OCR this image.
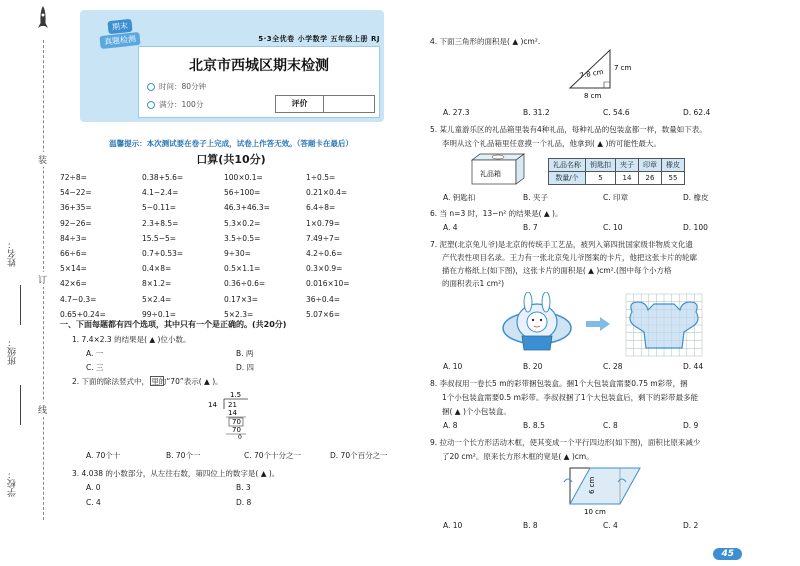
装
订
线
姓名：
班级：
学校：
期末
真题检测	5·3全优卷 小学数学 五年级上册 RJ
北京市西城区期末检测
时间：80分钟
满分：100分	评价
温馨提示：本次测试要在卷子上完成，试卷上作答无效。（答题卡在最后）
口算(共10分)
72÷8=	0.38+5.6=	100×0.1=	1÷0.5=
54−22=	4.1−2.4=	56÷100=	0.21×0.4=
36+35=	5−0.11=	46.3+46.3=	6.4÷8=
92−26=	2.3+8.5=	5.3×0.2=	1×0.79=
84÷3=	15.5−5=	3.5÷0.5=	7.49÷7=
66÷6=	0.7+0.53=	9÷30=	4.2÷0.6=
5×14=	0.4×8=	0.5×1.1=	0.3×0.9=
42×6=	8×1.2=	0.36÷0.6=	0.016×10=
4.7−0.3=	5×2.4=	0.17×3=	36÷0.4=
0.65+0.24=	99÷0.1=	5×2.3=	5.07×6=
一、下面每题都有四个选项，其中只有一个是正确的。(共20分)
1. 7.4×2.3 的结果是( ▲ )位小数。
A. 一	B. 两
C. 三	D. 四
2. 下面的除法竖式中， 里的“70”表示( ▲ )。
1.5
14 21
14
70
70
0
A. 70个十	B. 70个一	C. 70个十分之一	D. 70个百分之一
3. 4.038 的小数部分，从左往右数，第四位上的数字是( ▲ )。
A. 0	B. 3
C. 4	D. 8
4. 下面三角形的面积是( ▲ )cm².
7 cm
7.8 cm
8 cm
A. 27.3	B. 31.2	C. 54.6	D. 62.4
5. 某儿童游乐区的礼品箱里装有4种礼品，每种礼品的包装盒都一样，数量如下表。
李明从这个礼品箱里任意摸一个礼品，他拿到( ▲ )的可能性最大。
礼品箱
礼品名称	钥匙扣	夹子	印章	橡皮
数量/个	5	14	26	55
A. 钥匙扣	B. 夹子	C. 印章	D. 橡皮
6. 当 n=3 时，13−n² 的结果是( ▲ )。
A. 4	B. 7	C. 10	D. 100
7. 泥塑(北京兔儿爷)是北京的传统手工艺品，被列入第四批国家级非物质文化遗
产代表性项目名录。王力有一张北京兔儿爷图案的卡片，他把这张卡片的轮廓
描在方格纸上(如下图)，这张卡片的面积是( ▲ )cm².(图中每个小方格
的面积表示1 cm²)
A. 10	B. 20	C. 28	D. 44
8. 李叔叔用一卷长5 m的彩带捆包装盒。捆1个大包装盒需要0.75 m彩带，捆
1个小包装盒需要0.5 m彩带。李叔叔捆了1个大包装盒后，剩下的彩带最多能
捆( ▲ )个小包装盒。
A. 8	B. 8.5	C. 8	D. 9
9. 拉动一个长方形活动木框，使其变成一个平行四边形(如下图)，面积比原来减少
了20 cm²。原来长方形木框的宽是( ▲ )cm。
6 cm
10 cm
A. 10	B. 8	C. 4	D. 2
45
